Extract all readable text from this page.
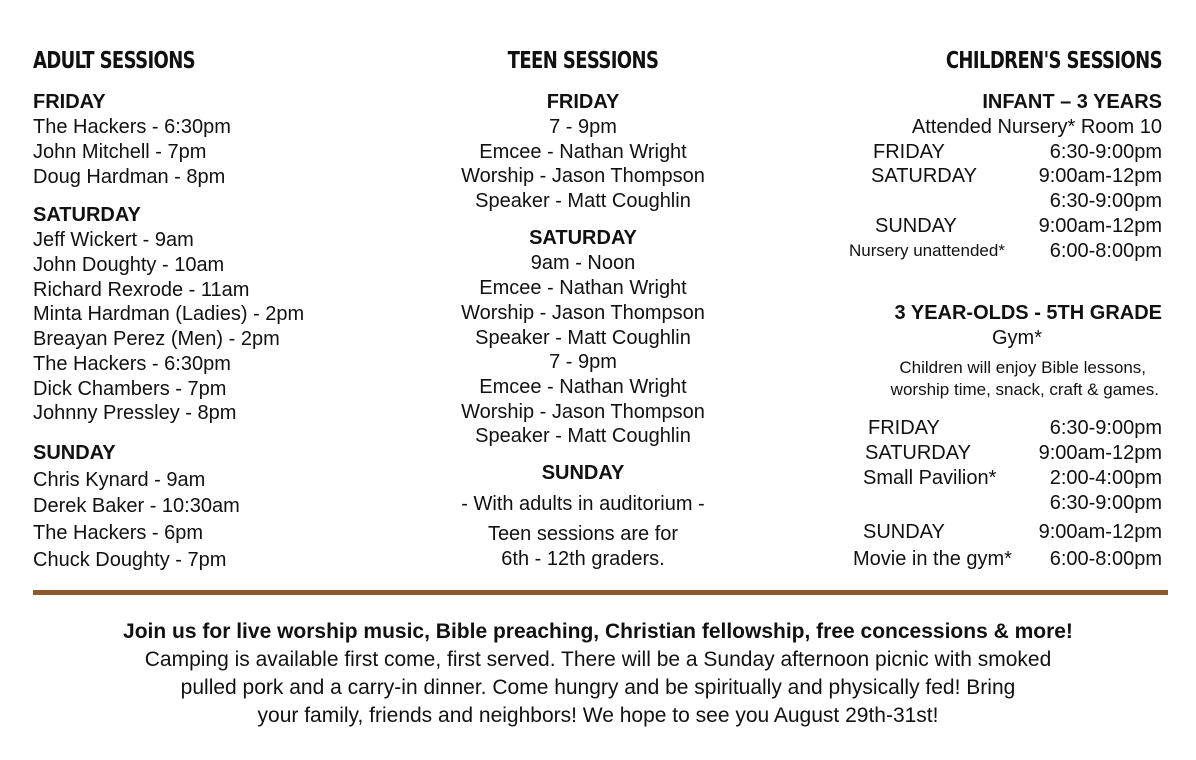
ADULT SESSIONS
FRIDAY
The Hackers - 6:30pm
John Mitchell - 7pm
Doug Hardman - 8pm
SATURDAY
Jeff Wickert - 9am
John Doughty - 10am
Richard Rexrode - 11am
Minta Hardman (Ladies) - 2pm
Breayan Perez (Men) - 2pm
The Hackers - 6:30pm
Dick Chambers - 7pm
Johnny Pressley - 8pm
SUNDAY
Chris Kynard - 9am
Derek Baker - 10:30am
The Hackers - 6pm
Chuck Doughty - 7pm
TEEN SESSIONS
FRIDAY
7 - 9pm
Emcee - Nathan Wright
Worship - Jason Thompson
Speaker - Matt Coughlin
SATURDAY
9am - Noon
Emcee - Nathan Wright
Worship - Jason Thompson
Speaker - Matt Coughlin
7 - 9pm
Emcee - Nathan Wright
Worship - Jason Thompson
Speaker - Matt Coughlin
SUNDAY
- With adults in auditorium -
Teen sessions are for
6th - 12th graders.
CHILDREN'S SESSIONS
INFANT – 3 YEARS
Attended Nursery* Room 10
FRIDAY	6:30-9:00pm
SATURDAY	9:00am-12pm
6:30-9:00pm
SUNDAY	9:00am-12pm
Nursery unattended* 6:00-8:00pm
3 YEAR-OLDS - 5TH GRADE
Gym*
Children will enjoy Bible lessons,
worship time, snack, craft & games.
FRIDAY	6:30-9:00pm
SATURDAY	9:00am-12pm
Small Pavilion*	2:00-4:00pm
6:30-9:00pm
SUNDAY	9:00am-12pm
Movie in the gym* 6:00-8:00pm
Join us for live worship music, Bible preaching, Christian fellowship, free concessions & more!
Camping is available first come, first served. There will be a Sunday afternoon picnic with smoked
pulled pork and a carry-in dinner. Come hungry and be spiritually and physically fed! Bring
your family, friends and neighbors! We hope to see you August 29th-31st!
